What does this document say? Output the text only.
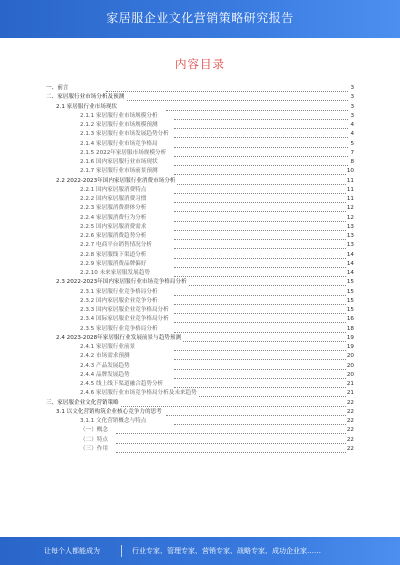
家居服企业文化营销策略研究报告
内容目录
一、前言	3
二、家居服行业市场分析及预测	3
2.1 家居服行业市场现状	3
2.1.1 家居服行业市场规模分析	3
2.1.2 家居服行业市场规模预测	4
2.1.3 家居服行业市场发展趋势分析	4
2.1.4 家居服行业市场竞争格局	5
2.1.5 2022年家居服市场规模分析	7
2.1.6 国内家居服行业市场现状	8
2.1.7 家居服行业市场前景预测	10
2.2 2022-2023年国内家居服行业消费市场分析	11
2.2.1 国内家居服消费特点	11
2.2.2 国内家居服消费习惯	11
2.2.3 家居服消费群体分析	12
2.2.4 家居服消费行为分析	12
2.2.5 国内家居服消费需求	13
2.2.6 家居服消费趋势分析	13
2.2.7 电商平台销售情况分析	13
2.2.8 家居服线下渠道分析	14
2.2.9 家居服消费品牌偏好	14
2.2.10 未来家居服发展趋势	14
2.3 2022-2023年国内家居服行业市场竞争格局分析	15
2.3.1 家居服行业竞争格局分析	15
2.3.2 国内家居服企业竞争分析	15
2.3.3 国内家居服企业竞争格局分析	15
2.3.4 国际家居服企业竞争格局分析	16
2.3.5 家居服行业竞争格局分析	18
2.4 2023-2028年家居服行业发展前景与趋势预测	19
2.4.1 家居服行业前景	19
2.4.2 市场需求预测	20
2.4.3 产品发展趋势	20
2.4.4 品牌发展趋势	20
2.4.5 线上线下渠道融合趋势分析	21
2.4.6 家居服行业市场竞争格局分析及未来趋势	21
三、家居服企业文化营销策略	22
3.1 以文化营销构筑企业核心竞争力的思考	22
3.1.1 文化营销概念与特点	22
（一）概念	22
（二）特点	22
（三）作用	22
让每个人都能成为	行业专家、管理专家、营销专家、战略专家、成功企业家……
